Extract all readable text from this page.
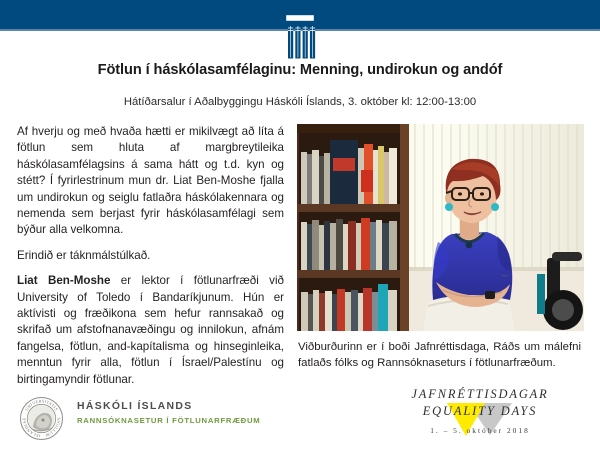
Fötlun í háskólasamfélaginu: Menning, undirokun og andóf
Hátíðarsalur í Aðalbyggingu Háskóli Íslands, 3. október kl: 12:00-13:00

Af hverju og með hvaða hætti er mikilvægt að líta á fötlun sem hluta af margbreytileika háskólasamfélagsins á sama hátt og t.d. kyn og stétt? Í fyrirlestrinum mun dr. Liat Ben-Moshe fjalla um undirokun og seiglu fatlaðra háskólakennara og nemenda sem berjast fyrir háskólasamfélagi sem býður alla velkomna.

Erindið er táknmálstúlkað.

Liat Ben-Moshe er lektor í fötlunarfræði við University of Toledo í Bandaríkjunum. Hún er aktívisti og fræðikona sem hefur rannsakað og skrifað um afstofnanavæðingu og innilokun, afnám fangelsa, fötlun, and-kapítalisma og hinseginleika, menntun fyrir alla, fötlun í Ísrael/Palestínu og birtingamyndir fötlunar.

Viðburðurinn er í boði Jafnréttisdaga, Ráðs um málefni fatlaðs fólks og Rannsóknaseturs í fötlunarfræðum.
UNIVERSITATIS
SIGILLUM · ISLANDIAE
HÁSKÓLI ÍSLANDS
RANNSÓKNASETUR Í FÖTLUNARFRÆÐUM
JAFNRÉTTISDAGAR
EQUALITY DAYS
1. – 5. október 2018
